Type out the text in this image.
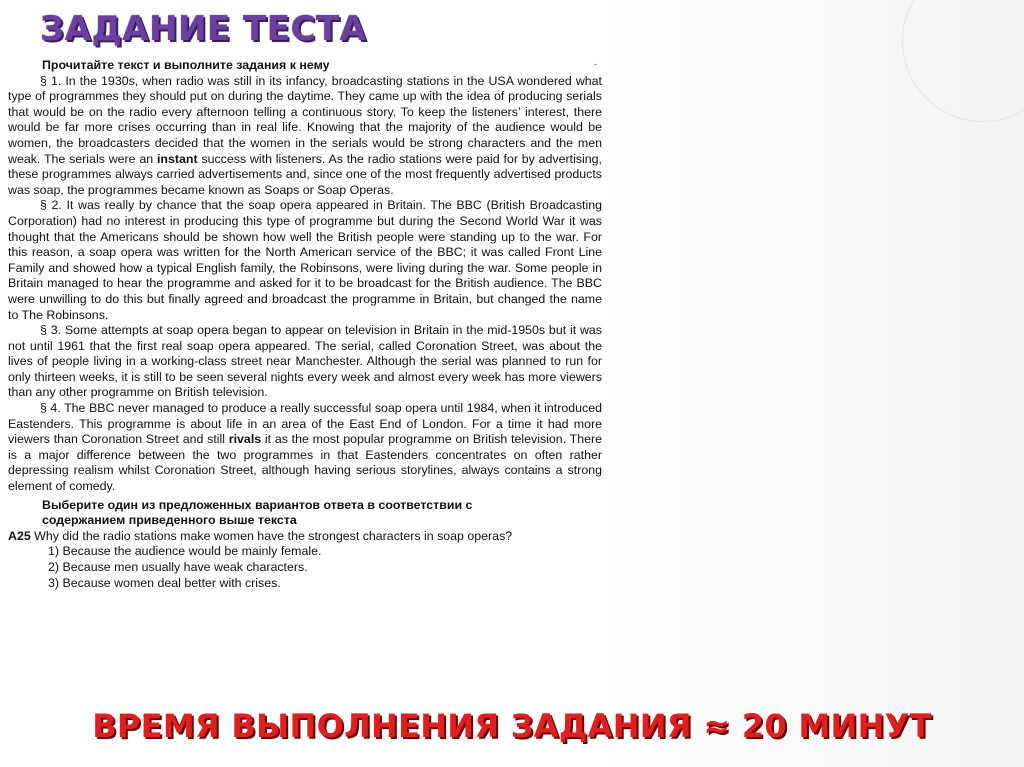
ЗАДАНИЕ ТЕСТА

Прочитайте текст и выполните задания к нему

§ 1. In the 1930s, when radio was still in its infancy, broadcasting stations in the USA wondered what type of programmes they should put on during the daytime. They came up with the idea of producing serials that would be on the radio every afternoon telling a continuous story. To keep the listeners’ interest, there would be far more crises occurring than in real life. Knowing that the majority of the audience would be women, the broadcasters decided that the women in the serials would be strong characters and the men weak. The serials were an instant success with listeners. As the radio stations were paid for by advertising, these programmes always carried advertisements and, since one of the most frequently advertised products was soap, the programmes became known as Soaps or Soap Operas.

§ 2. It was really by chance that the soap opera appeared in Britain. The BBC (British Broadcasting Corporation) had no interest in producing this type of programme but during the Second World War it was thought that the Americans should be shown how well the British people were standing up to the war. For this reason, a soap opera was written for the North American service of the BBC; it was called Front Line Family and showed how a typical English family, the Robinsons, were living during the war. Some people in Britain managed to hear the programme and asked for it to be broadcast for the British audience. The BBC were unwilling to do this but finally agreed and broadcast the programme in Britain, but changed the name to The Robinsons.

§ 3. Some attempts at soap opera began to appear on television in Britain in the mid-1950s but it was not until 1961 that the first real soap opera appeared. The serial, called Coronation Street, was about the lives of people living in a working-class street near Manchester. Although the serial was planned to run for only thirteen weeks, it is still to be seen several nights every week and almost every week has more viewers than any other programme on British television.

§ 4. The BBC never managed to produce a really successful soap opera until 1984, when it introduced Eastenders. This programme is about life in an area of the East End of London. For a time it had more viewers than Coronation Street and still rivals it as the most popular programme on British television. There is a major difference between the two programmes in that Eastenders concentrates on often rather depressing realism whilst Coronation Street, although having serious storylines, always contains a strong element of comedy.

Выберите один из предложенных вариантов ответа в соответствии с

содержанием приведенного выше текста

A25 Why did the radio stations make women have the strongest characters in soap operas?

1) Because the audience would be mainly female.
2) Because men usually have weak characters.
3) Because women deal better with crises.
-

ВРЕМЯ ВЫПОЛНЕНИЯ ЗАДАНИЯ ≈ 20 МИНУТ
